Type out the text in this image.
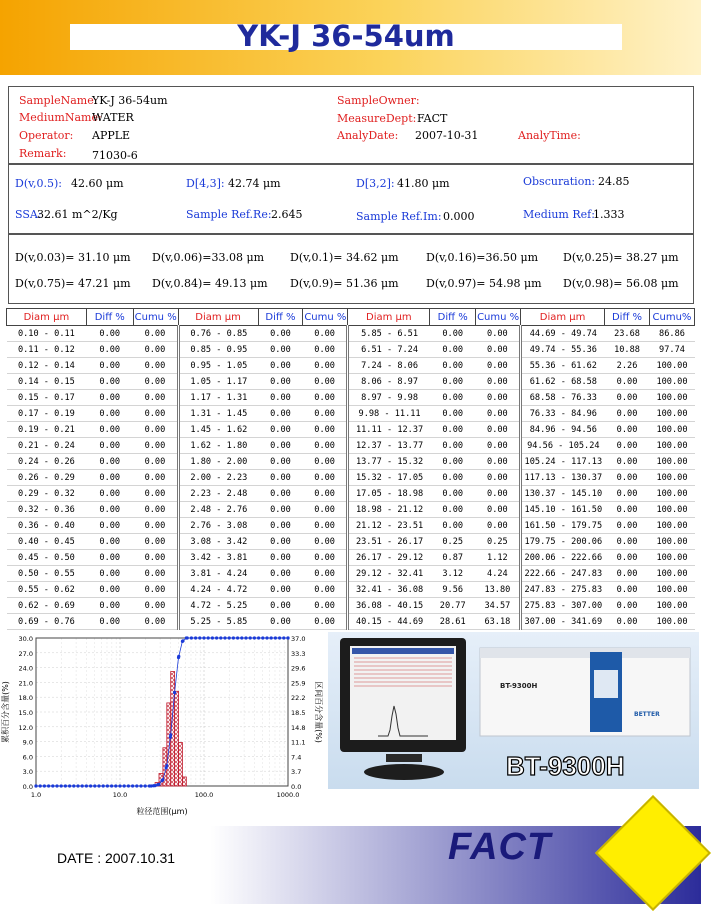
YK-J 36-54um
SampleName:
YK-J 36-54um
MediumName:
WATER
Operator: APPLE
Remark: 71030-6
SampleOwner:
MeasureDept: FACT
AnalyDate: 2007-10-31	AnalyTime:
D(v,0.5): 42.60 μm	D[4,3]: 42.74 μm	D[3,2]: 41.80 μm	Obscuration: 24.85
SSA:
32.61 m^2/Kg	Sample Ref.Re: 2.645	Sample Ref.Im: 0.000	Medium Ref:
1.333
D(v,0.03)= 31.10 μm D(v,0.06)=33.08 μm D(v,0.1)= 34.62 μm D(v,0.16)=36.50 μm D(v,0.25)= 38.27 μm
D(v,0.75)= 47.21 μm D(v,0.84)= 49.13 μm D(v,0.9)= 51.36 μm D(v,0.97)= 54.98 μm D(v,0.98)= 56.08 μm
Diam μm	Diff %	Cumu %	Diam μm	Diff %	Cumu %	Diam μm	Diff %	Cumu %	Diam μm	Diff %	Cumu%
0.10 - 0.11	0.00	0.00	0.76 - 0.85	0.00	0.00	5.85 - 6.51	0.00	0.00	44.69 - 49.74	23.68	86.86
0.11 - 0.12	0.00	0.00	0.85 - 0.95	0.00	0.00	6.51 - 7.24	0.00	0.00	49.74 - 55.36	10.88	97.74
0.12 - 0.14	0.00	0.00	0.95 - 1.05	0.00	0.00	7.24 - 8.06	0.00	0.00	55.36 - 61.62	2.26	100.00
0.14 - 0.15	0.00	0.00	1.05 - 1.17	0.00	0.00	8.06 - 8.97	0.00	0.00	61.62 - 68.58	0.00	100.00
0.15 - 0.17	0.00	0.00	1.17 - 1.31	0.00	0.00	8.97 - 9.98	0.00	0.00	68.58 - 76.33	0.00	100.00
0.17 - 0.19	0.00	0.00	1.31 - 1.45	0.00	0.00	9.98 - 11.11	0.00	0.00	76.33 - 84.96	0.00	100.00
0.19 - 0.21	0.00	0.00	1.45 - 1.62	0.00	0.00	11.11 - 12.37	0.00	0.00	84.96 - 94.56	0.00	100.00
0.21 - 0.24	0.00	0.00	1.62 - 1.80	0.00	0.00	12.37 - 13.77	0.00	0.00	94.56 - 105.24	0.00	100.00
0.24 - 0.26	0.00	0.00	1.80 - 2.00	0.00	0.00	13.77 - 15.32	0.00	0.00	105.24 - 117.13	0.00	100.00
0.26 - 0.29	0.00	0.00	2.00 - 2.23	0.00	0.00	15.32 - 17.05	0.00	0.00	117.13 - 130.37	0.00	100.00
0.29 - 0.32	0.00	0.00	2.23 - 2.48	0.00	0.00	17.05 - 18.98	0.00	0.00	130.37 - 145.10	0.00	100.00
0.32 - 0.36	0.00	0.00	2.48 - 2.76	0.00	0.00	18.98 - 21.12	0.00	0.00	145.10 - 161.50	0.00	100.00
0.36 - 0.40	0.00	0.00	2.76 - 3.08	0.00	0.00	21.12 - 23.51	0.00	0.00	161.50 - 179.75	0.00	100.00
0.40 - 0.45	0.00	0.00	3.08 - 3.42	0.00	0.00	23.51 - 26.17	0.25	0.25	179.75 - 200.06	0.00	100.00
0.45 - 0.50	0.00	0.00	3.42 - 3.81	0.00	0.00	26.17 - 29.12	0.87	1.12	200.06 - 222.66	0.00	100.00
0.50 - 0.55	0.00	0.00	3.81 - 4.24	0.00	0.00	29.12 - 32.41	3.12	4.24	222.66 - 247.83	0.00	100.00
0.55 - 0.62	0.00	0.00	4.24 - 4.72	0.00	0.00	32.41 - 36.08	9.56	13.80	247.83 - 275.83	0.00	100.00
0.62 - 0.69	0.00	0.00	4.72 - 5.25	0.00	0.00	36.08 - 40.15	20.77	34.57	275.83 - 307.00	0.00	100.00
0.69 - 0.76	0.00	0.00	5.25 - 5.85	0.00	0.00	40.15 - 44.69	28.61	63.18	307.00 - 341.69	0.00	100.00
0.0
3.0
6.0
9.0
12.0
15.0
18.0
21.0
24.0
27.0
30.0
0.0
3.7
7.4
11.1
14.8
18.5
22.2
25.9
29.6
33.3
37.0
1.0	10.0	100.0	1000.0
粒径范围(μm)
累积百分含量(%)	区间百分含量(%)	BT-9300H
BETTER
BT-9300H
DATE : 2007.10.31	FACT
